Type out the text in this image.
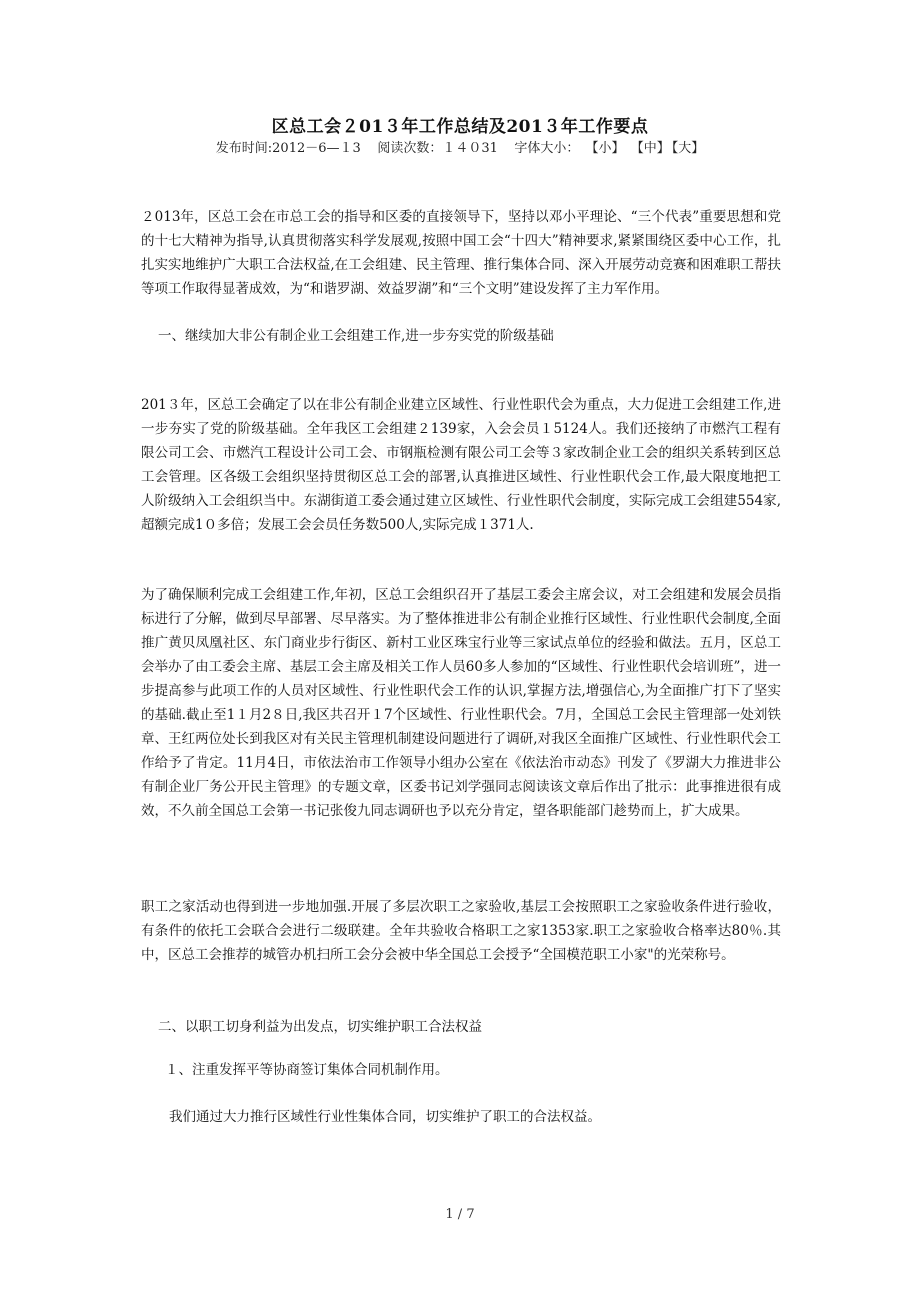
区总工会２01３年工作总结及201３年工作要点
发布时间:2012－6—１3 阅读次数：１４０31 字体大小： 【小】 【中】 【大】
２013年，区总工会在市总工会的指导和区委的直接领导下，坚持以邓小平理论、“三个代表”重要思想和党的十七大精神为指导,认真贯彻落实科学发展观,按照中国工会“十四大”精神要求,紧紧围绕区委中心工作，扎扎实实地维护广大职工合法权益,在工会组建、民主管理、推行集体合同、深入开展劳动竞赛和困难职工帮扶等项工作取得显著成效，为“和谐罗湖、效益罗湖”和“三个文明”建设发挥了主力军作用。
一、继续加大非公有制企业工会组建工作,进一步夯实党的阶级基础
201３年，区总工会确定了以在非公有制企业建立区域性、行业性职代会为重点，大力促进工会组建工作,进一步夯实了党的阶级基础。全年我区工会组建２139家，入会会员１5124人。我们还接纳了市燃汽工程有限公司工会、市燃汽工程设计公司工会、市钢瓶检测有限公司工会等３家改制企业工会的组织关系转到区总工会管理。区各级工会组织坚持贯彻区总工会的部署,认真推进区域性、行业性职代会工作,最大限度地把工人阶级纳入工会组织当中。东湖街道工委会通过建立区域性、行业性职代会制度，实际完成工会组建554家,超额完成1０多倍；发展工会会员任务数500人,实际完成１371人.
为了确保顺利完成工会组建工作,年初，区总工会组织召开了基层工委会主席会议，对工会组建和发展会员指标进行了分解，做到尽早部署、尽早落实。为了整体推进非公有制企业推行区域性、行业性职代会制度,全面推广黄贝凤凰社区、东门商业步行街区、新村工业区珠宝行业等三家试点单位的经验和做法。五月，区总工会举办了由工委会主席、基层工会主席及相关工作人员60多人参加的“区域性、行业性职代会培训班”，进一步提高参与此项工作的人员对区域性、行业性职代会工作的认识,掌握方法,增强信心,为全面推广打下了坚实的基础.截止至1１月2８日,我区共召开１7个区域性、行业性职代会。7月，全国总工会民主管理部一处刘铁章、王红两位处长到我区对有关民主管理机制建设问题进行了调研,对我区全面推广区域性、行业性职代会工作给予了肯定。11月4日，市依法治市工作领导小组办公室在《依法治市动态》刊发了《罗湖大力推进非公有制企业厂务公开民主管理》的专题文章，区委书记刘学强同志阅读该文章后作出了批示：此事推进很有成效，不久前全国总工会第一书记张俊九同志调研也予以充分肯定，望各职能部门趁势而上，扩大成果。
职工之家活动也得到进一步地加强.开展了多层次职工之家验收,基层工会按照职工之家验收条件进行验收，有条件的依托工会联合会进行二级联建。全年共验收合格职工之家1353家.职工之家验收合格率达80％.其中，区总工会推荐的城管办机扫所工会分会被中华全国总工会授予“全国模范职工小家"的光荣称号。
二、以职工切身利益为出发点，切实维护职工合法权益
１、注重发挥平等协商签订集体合同机制作用。
我们通过大力推行区域性行业性集体合同，切实维护了职工的合法权益。
1 / 7
